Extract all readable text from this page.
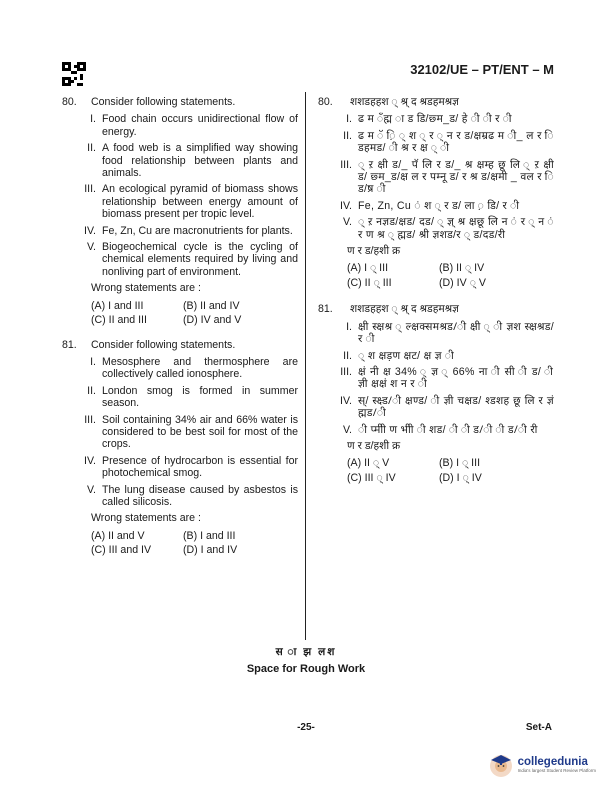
32102/UE – PT/ENT – M
80.	Consider following statements.
I. Food chain occurs unidirectional flow of energy.
II. A food web is a simplified way showing food relationship between plants and animals.
III. An ecological pyramid of biomass shows relationship between energy amount of biomass present per tropic level.
IV. Fe, Zn, Cu are macronutrients for plants.
V. Biogeochemical cycle is the cycling of chemical elements required by living and nonliving part of environment.
Wrong statements are :
(A) I and III	(B) II and IV
(C) II and III	(D) IV and V
81.	Consider following statements.
I. Mesosphere and thermosphere are collectively called ionosphere.
II. London smog is formed in summer season.
III. Soil containing 34% air and 66% water is considered to be best soil for most of the crops.
IV. Presence of hydrocarbon is essential for photochemical smog.
V. The lung disease caused by asbestos is called silicosis.
Wrong statements are :
(A) II and V	(B) I and III
(C) III and IV	(D) I and IV
80.	शशडहहश ् श्र् द श्रडहमश्रज्ञ
I. ढ म ॅंह्म ा ड डि/छ्म_ड/ हे ी ी र ी
II. ढ म ॅ ़ि ् श ् र ् न र ड/क्षम्रढ म ी_ ल र ि डहमड/ ी श्र र क्ष ् ी
III. ् ऱ क्षी ड/_ पॅ लि र ड/_ श्र क्षम्ह छू लि ् ऱ क्षी ड/ छ्म_ड/क्ष ल र पम्नू ड/ र श्र ड/क्षमी _ वल र ि ड/ष्र ी
IV. Fe, Zn, Cu ं श ् र ड/ ला ़ डि/ र ी
V. ् ऱ नज्ञड/क्षड/ दड/ ् ज्ञ् श्र क्षछू लि न ं र ् न ं र ण श्र ् ह्मड/ श्री ज्ञशड/र ् ड/दड/री
ण र ड/हशी क्र
(A) I ् III	(B) II ् IV
(C) II ् III	(D) IV ् V
81.	शशडहहश ् श्र् द श्रडहमश्रज्ञ
I. क्षी स्क्षश्र ् ल्क्षक्समश्रड/ी क्षी ् ी ज्ञश स्क्षश्रड/ र ी
II. ् श क्षड़ण क्षट/ क्ष ज्ञ ी
III. क्षं नी क्ष 34% ् ज्ञ ् 66% ना ी सी ी ड/ ी ज्ञी क्षक्षं श न र ी
IV. स्/ स्क्ष्ड/ी क्षण्ड/ ी ज्ञी चक्षड/ श्डशह छू लि र ज्ञं ह्मड/ी
V. ी प्मीी ण भीी ी शड/ ी ी ड/ी ी ड/ी री
ण र ड/हशी क्र
(A) II ् V	(B) I ् III
(C) III ् IV	(D) I ् IV
स ा झ लश
Space for Rough Work
-25-	Set-A
collegedunia
India's largest Student Review Platform
